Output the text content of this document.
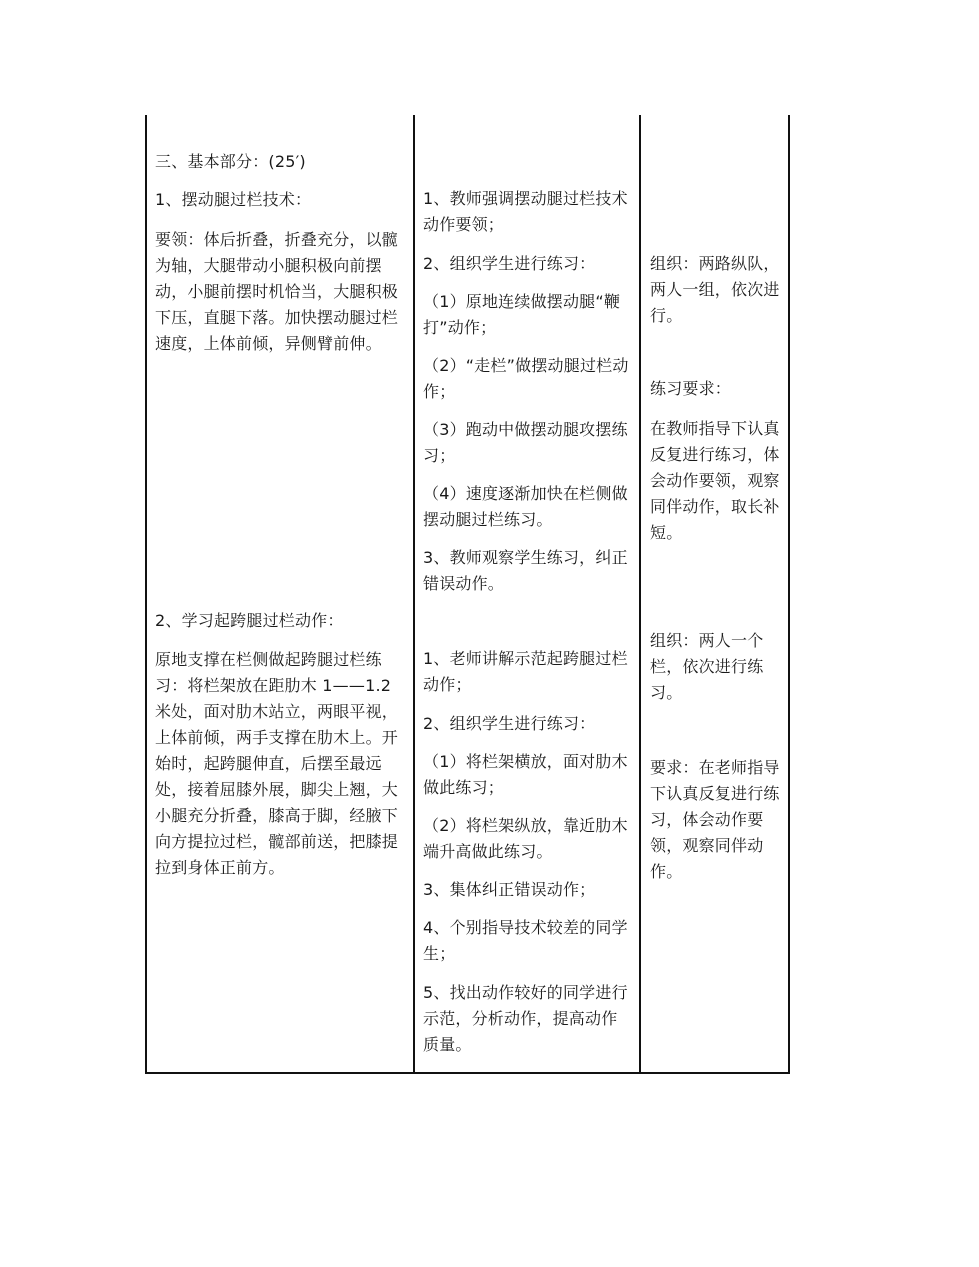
三、基本部分：(25′)
1、摆动腿过栏技术：
要领：体后折叠，折叠充分，以髋为轴，大腿带动小腿积极向前摆动，小腿前摆时机恰当，大腿积极下压，直腿下落。加快摆动腿过栏速度，上体前倾，异侧臂前伸。
2、学习起跨腿过栏动作：
原地支撑在栏侧做起跨腿过栏练习：将栏架放在距肋木 1——1.2 米处，面对肋木站立，两眼平视，上体前倾，两手支撑在肋木上。开始时，起跨腿伸直，后摆至最远处，接着屈膝外展，脚尖上翘，大小腿充分折叠，膝高于脚，经腋下向方提拉过栏，髋部前送，把膝提拉到身体正前方。
1、教师强调摆动腿过栏技术动作要领；
2、组织学生进行练习：
（1）原地连续做摆动腿“鞭打”动作；
（2）“走栏”做摆动腿过栏动作；
（3）跑动中做摆动腿攻摆练习；
（4）速度逐渐加快在栏侧做摆动腿过栏练习。
3、教师观察学生练习，纠正错误动作。
1、老师讲解示范起跨腿过栏动作；
2、组织学生进行练习：
（1）将栏架横放，面对肋木做此练习；
（2）将栏架纵放，靠近肋木端升高做此练习。
3、集体纠正错误动作；
4、个别指导技术较差的同学生；
5、找出动作较好的同学进行示范，分析动作，提高动作质量。
组织：两路纵队，两人一组，依次进行。
练习要求：
在教师指导下认真反复进行练习，体会动作要领，观察同伴动作，取长补短。
组织：两人一个栏，依次进行练习。
要求：在老师指导下认真反复进行练习，体会动作要领，观察同伴动作。
